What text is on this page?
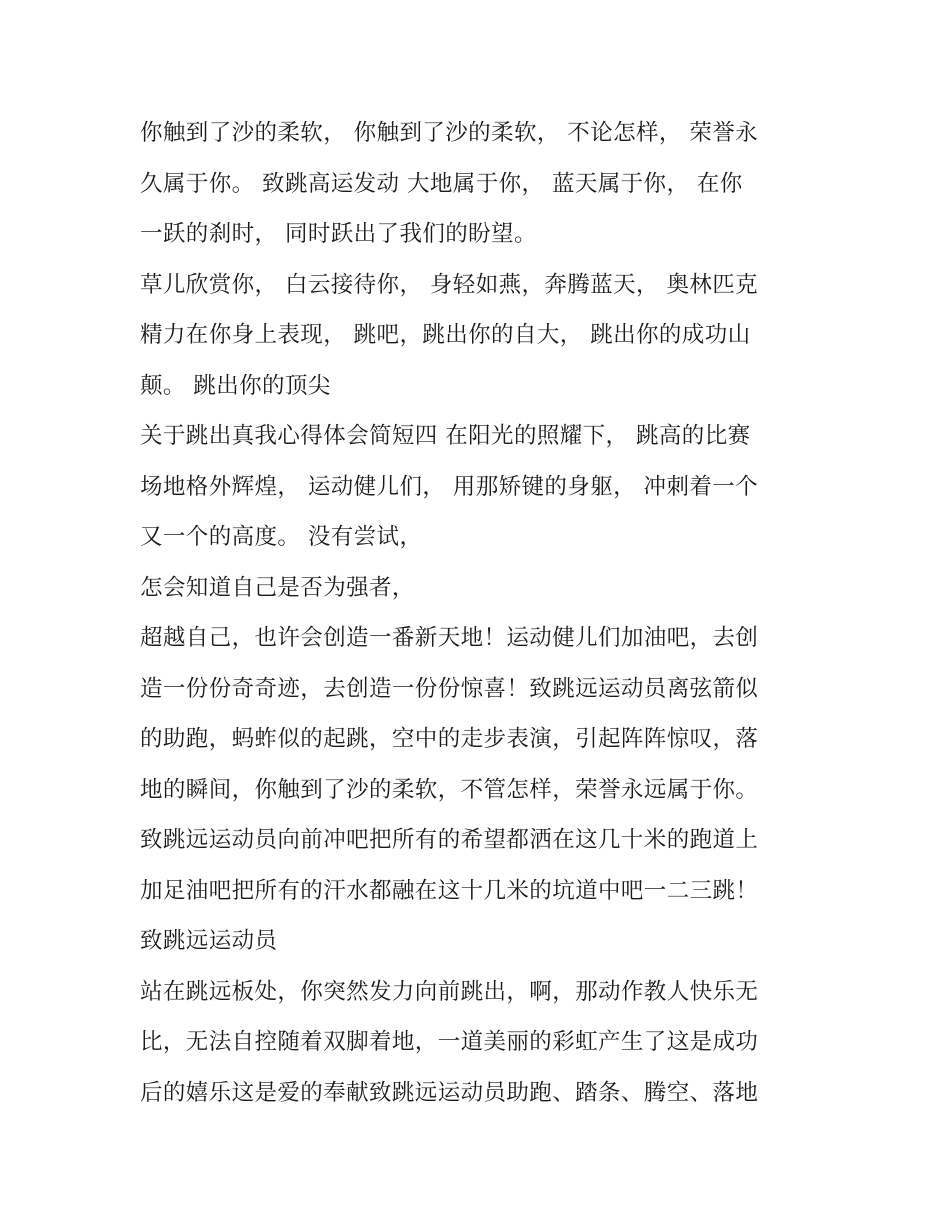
你触到了沙的柔软， 你触到了沙的柔软， 不论怎样， 荣誉永
久属于你。 致跳高运发动 大地属于你， 蓝天属于你， 在你
一跃的刹时， 同时跃出了我们的盼望。
草儿欣赏你， 白云接待你， 身轻如燕，奔腾蓝天， 奥林匹克
精力在你身上表现， 跳吧，跳出你的自大， 跳出你的成功山
颠。 跳出你的顶尖
关于跳出真我心得体会简短四 在阳光的照耀下， 跳高的比赛
场地格外辉煌， 运动健儿们， 用那矫键的身躯， 冲刺着一个
又一个的高度。 没有尝试，
怎会知道自己是否为强者，
超越自己，也许会创造一番新天地！运动健儿们加油吧，去创
造一份份奇奇迹，去创造一份份惊喜！致跳远运动员离弦箭似
的助跑，蚂蚱似的起跳，空中的走步表演，引起阵阵惊叹，落
地的瞬间，你触到了沙的柔软，不管怎样，荣誉永远属于你。
致跳远运动员向前冲吧把所有的希望都洒在这几十米的跑道上
加足油吧把所有的汗水都融在这十几米的坑道中吧一二三跳！
致跳远运动员
站在跳远板处，你突然发力向前跳出，啊，那动作教人快乐无
比，无法自控随着双脚着地，一道美丽的彩虹产生了这是成功
后的嬉乐这是爱的奉献致跳远运动员助跑、踏条、腾空、落地
